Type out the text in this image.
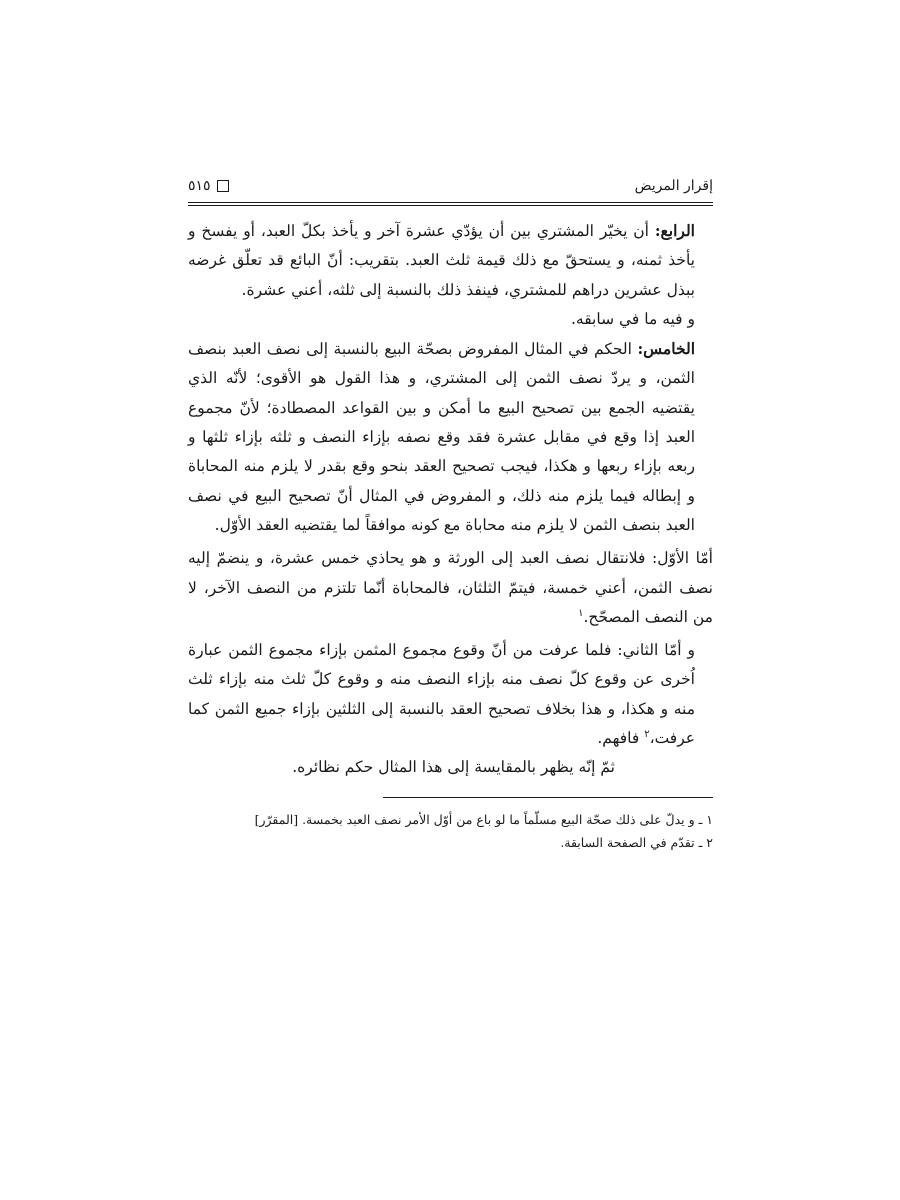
إقرار المريض
٥١٥

الرابع: أن يخيّر المشتري بين أن يؤدّي عشرة آخر و يأخذ بكلّ العبد، أو يفسخ و يأخذ ثمنه، و يستحقّ مع ذلك قيمة ثلث العبد. بتقريب: أنّ البائع قد تعلّق غرضه ببذل عشرين دراهم للمشتري، فينفذ ذلك بالنسبة إلى ثلثه، أعني عشرة.

و فيه ما في سابقه.

الخامس: الحكم في المثال المفروض بصحّة البيع بالنسبة إلى نصف العبد بنصف الثمن، و يردّ نصف الثمن إلى المشتري، و هذا القول هو الأقوى؛ لأنّه الذي يقتضيه الجمع بين تصحيح البيع ما أمكن و بين القواعد المصطادة؛ لأنّ مجموع العبد إذا وقع في مقابل عشرة فقد وقع نصفه بإزاء النصف و ثلثه بإزاء ثلثها و ربعه بإزاء ربعها و هكذا، فيجب تصحيح العقد بنحو وقع بقدر لا يلزم منه المحاباة و إبطاله فيما يلزم منه ذلك، و المفروض في المثال أنّ تصحيح البيع في نصف العبد بنصف الثمن لا يلزم منه محاباة مع كونه موافقاً لما يقتضيه العقد الأوّل.

أمّا الأوّل: فلانتقال نصف العبد إلى الورثة و هو يحاذي خمس عشرة، و ينضمّ إليه نصف الثمن، أعني خمسة، فيتمّ الثلثان، فالمحاباة أنّما تلتزم من النصف الآخر، لا من النصف المصحّح.$^١$

و أمّا الثاني: فلما عرفت من أنّ وقوع مجموع المثمن بإزاء مجموع الثمن عبارة اُخرى عن وقوع كلّ نصف منه بإزاء النصف منه و وقوع كلّ ثلث منه بإزاء ثلث منه و هكذا، و هذا بخلاف تصحيح العقد بالنسبة إلى الثلثين بإزاء جميع الثمن كما عرفت،$^٢$ فافهم.

ثمّ إنّه يظهر بالمقايسة إلى هذا المثال حكم نظائره.

١ ـ و يدلّ على ذلك صحّة البيع مسلّماً ما لو باع من أوّل الأمر نصف العبد بخمسة. [المقرّر]

٢ ـ تقدّم في الصفحة السابقة.
